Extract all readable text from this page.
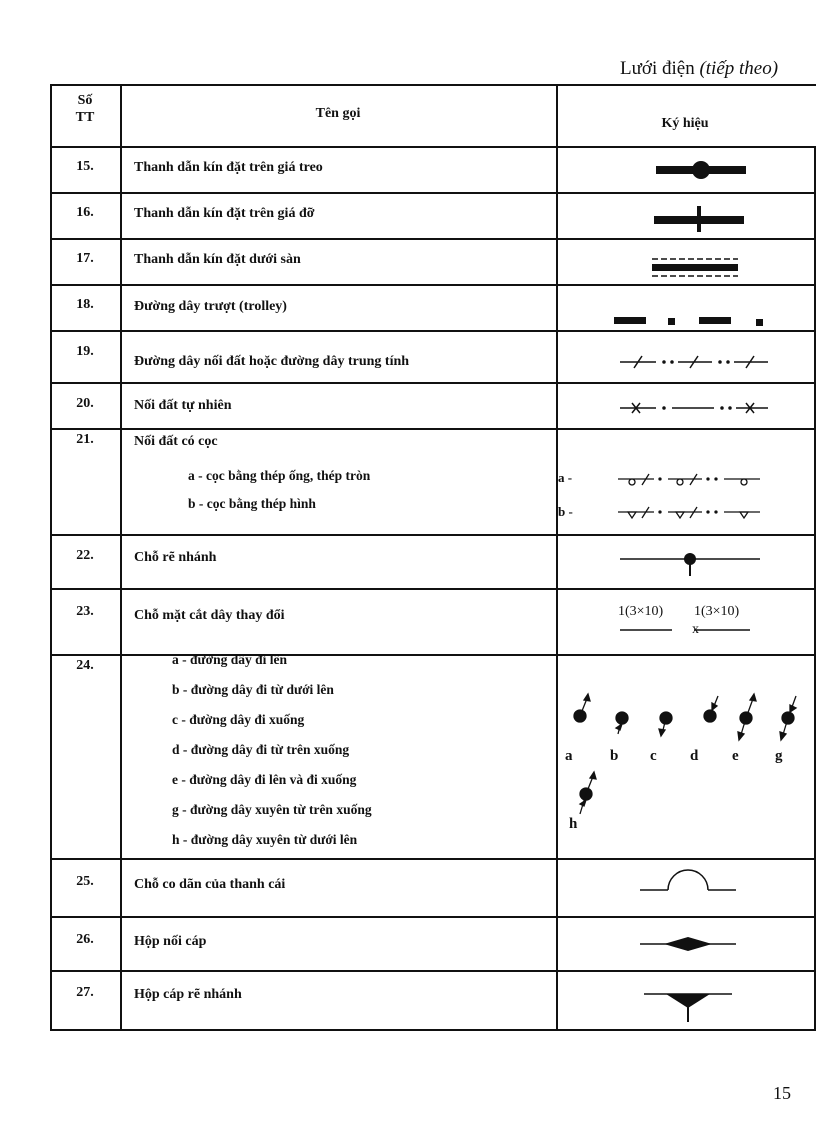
Lưới điện (tiếp theo)
Số
TT	Tên gọi
Ký hiệu
15.
16.
17.
18.
19.
20.
21.
22.
23.
24.
25.
26.
27.
Thanh dẫn kín đặt trên giá treo
Thanh dẫn kín đặt trên giá đỡ
Thanh dẫn kín đặt dưới sàn
Đường dây trượt (trolley)
Đường dây nối đất hoặc đường dây trung tính
Nối đất tự nhiên
Nối đất có cọc
a - cọc bằng thép ống, thép tròn
b - cọc bằng thép hình
Chỗ rẽ nhánh
Chỗ mặt cắt dây thay đổi
a - đường dây đi lên
b - đường dây đi từ dưới lên
c - đường dây đi xuống
d - đường dây đi từ trên xuống
e - đường dây đi lên và đi xuống
g - đường dây xuyên từ trên xuống
h - đường dây xuyên từ dưới lên
Chỗ co dãn của thanh cái
Hộp nối cáp
Hộp cáp rẽ nhánh
a -
b -
1(3×10)
x
1(3×10)
a	b c d e g
h
15
